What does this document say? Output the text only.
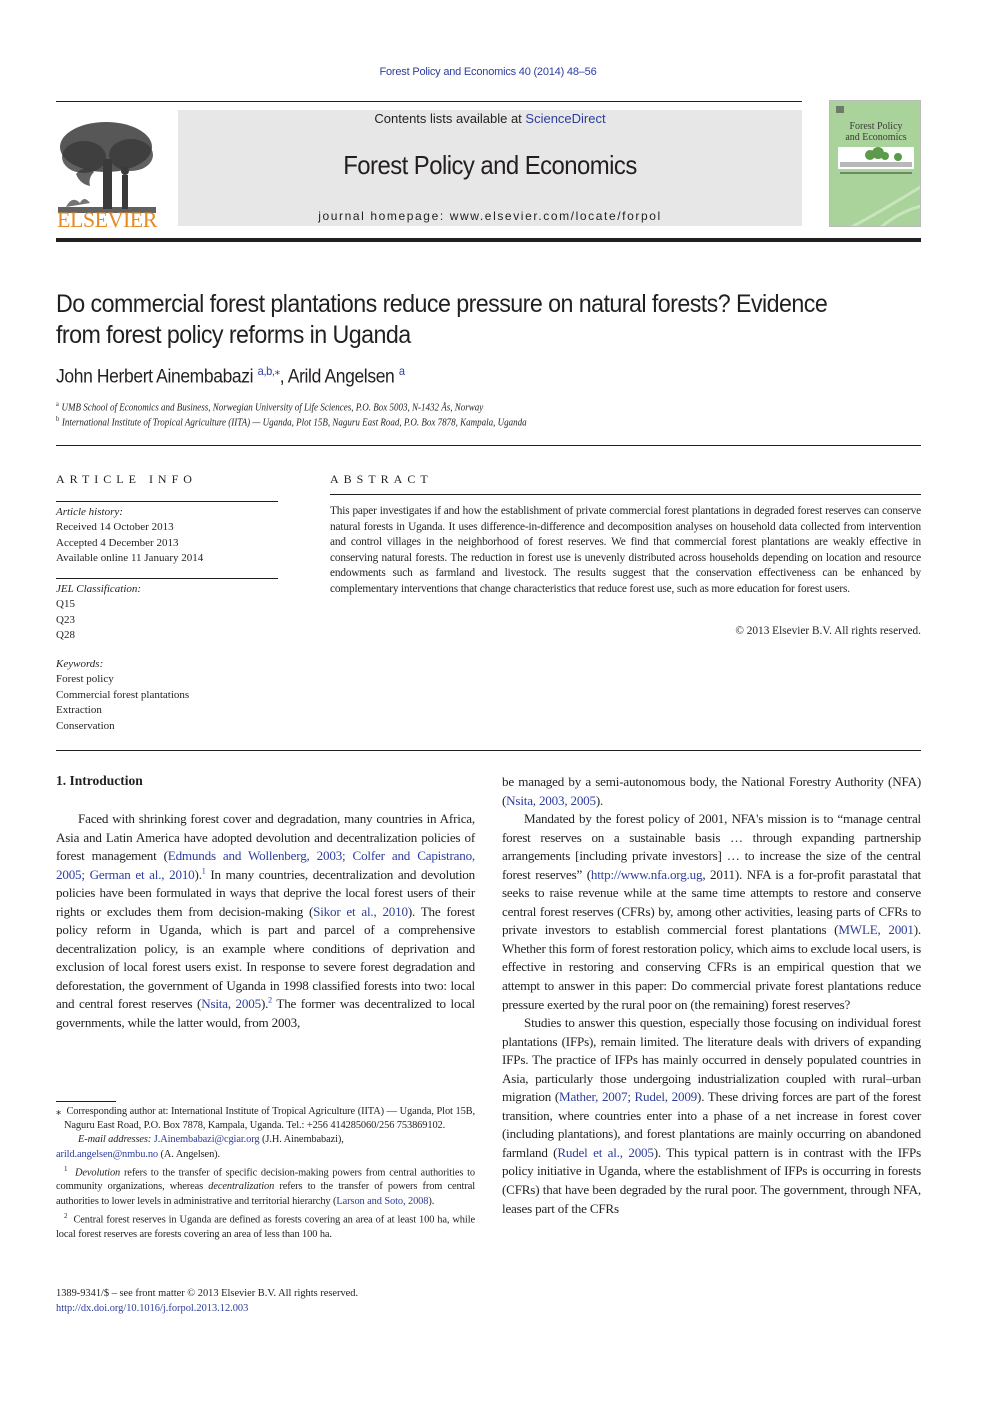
Forest Policy and Economics 40 (2014) 48–56
ELSEVIER
Contents lists available at ScienceDirect
Forest Policy and Economics
journal homepage: www.elsevier.com/locate/forpol
Forest Policy
and Economics
Do commercial forest plantations reduce pressure on natural forests? Evidence from forest policy reforms in Uganda
John Herbert Ainembabazi $^{a,b,⁎}$, Arild Angelsen $^a$
$^a$ UMB School of Economics and Business, Norwegian University of Life Sciences, P.O. Box 5003, N-1432 Ås, Norway
$^b$ International Institute of Tropical Agriculture (IITA) — Uganda, Plot 15B, Naguru East Road, P.O. Box 7878, Kampala, Uganda
ARTICLE INFO
Article history:
Received 14 October 2013
Accepted 4 December 2013
Available online 11 January 2014
JEL Classification:
Q15
Q23
Q28
Keywords:
Forest policy
Commercial forest plantations
Extraction
Conservation
ABSTRACT
This paper investigates if and how the establishment of private commercial forest plantations in degraded forest reserves can conserve natural forests in Uganda. It uses difference-in-difference and decomposition analyses on household data collected from intervention and control villages in the neighborhood of forest reserves. We find that commercial forest plantations are weakly effective in conserving natural forests. The reduction in forest use is unevenly distributed across households depending on location and resource endowments such as farmland and livestock. The results suggest that the conservation effectiveness can be enhanced by complementary interventions that change characteristics that reduce forest use, such as more education for forest users.
© 2013 Elsevier B.V. All rights reserved.
1. Introduction

Faced with shrinking forest cover and degradation, many countries in Africa, Asia and Latin America have adopted devolution and decentralization policies of forest management (Edmunds and Wollenberg, 2003; Colfer and Capistrano, 2005; German et al., 2010).$^1$ In many countries, decentralization and devolution policies have been formulated in ways that deprive the local forest users of their rights or excludes them from decision-making (Sikor et al., 2010). The forest policy reform in Uganda, which is part and parcel of a comprehensive decentralization policy, is an example where conditions of deprivation and exclusion of local forest users exist. In response to severe forest degradation and deforestation, the government of Uganda in 1998 classified forests into two: local and central forest reserves (Nsita, 2005).$^2$ The former was decentralized to local governments, while the latter would, from 2003,

⁎ Corresponding author at: International Institute of Tropical Agriculture (IITA) — Uganda, Plot 15B, Naguru East Road, P.O. Box 7878, Kampala, Uganda. Tel.: +256 414285060/256 753869102.

E-mail addresses: J.Ainembabazi@cgiar.org (J.H. Ainembabazi),
arild.angelsen@nmbu.no (A. Angelsen).

$^1$ Devolution refers to the transfer of specific decision-making powers from central authorities to community organizations, whereas decentralization refers to the transfer of powers from central authorities to lower levels in administrative and territorial hierarchy (Larson and Soto, 2008).

$^2$ Central forest reserves in Uganda are defined as forests covering an area of at least 100 ha, while local forest reserves are forests covering an area of less than 100 ha.

1389-9341/$ – see front matter © 2013 Elsevier B.V. All rights reserved.
http://dx.doi.org/10.1016/j.forpol.2013.12.003

be managed by a semi-autonomous body, the National Forestry Authority (NFA) (Nsita, 2003, 2005).

Mandated by the forest policy of 2001, NFA's mission is to “manage central forest reserves on a sustainable basis … through expanding partnership arrangements [including private investors] … to increase the size of the central forest reserves” (http://www.nfa.org.ug, 2011). NFA is a for-profit parastatal that seeks to raise revenue while at the same time attempts to restore and conserve central forest reserves (CFRs) by, among other activities, leasing parts of CFRs to private investors to establish commercial forest plantations (MWLE, 2001). Whether this form of forest restoration policy, which aims to exclude local users, is effective in restoring and conserving CFRs is an empirical question that we attempt to answer in this paper: Do commercial private forest plantations reduce pressure exerted by the rural poor on (the remaining) forest reserves?

Studies to answer this question, especially those focusing on individual forest plantations (IFPs), remain limited. The literature deals with drivers of expanding IFPs. The practice of IFPs has mainly occurred in densely populated countries in Asia, particularly those undergoing industrialization coupled with rural–urban migration (Mather, 2007; Rudel, 2009). These driving forces are part of the forest transition, where countries enter into a phase of a net increase in forest cover (including plantations), and forest plantations are mainly occurring on abandoned farmland (Rudel et al., 2005). This typical pattern is in contrast with the IFPs policy initiative in Uganda, where the establishment of IFPs is occurring in forests (CFRs) that have been degraded by the rural poor. The government, through NFA, leases part of the CFRs
